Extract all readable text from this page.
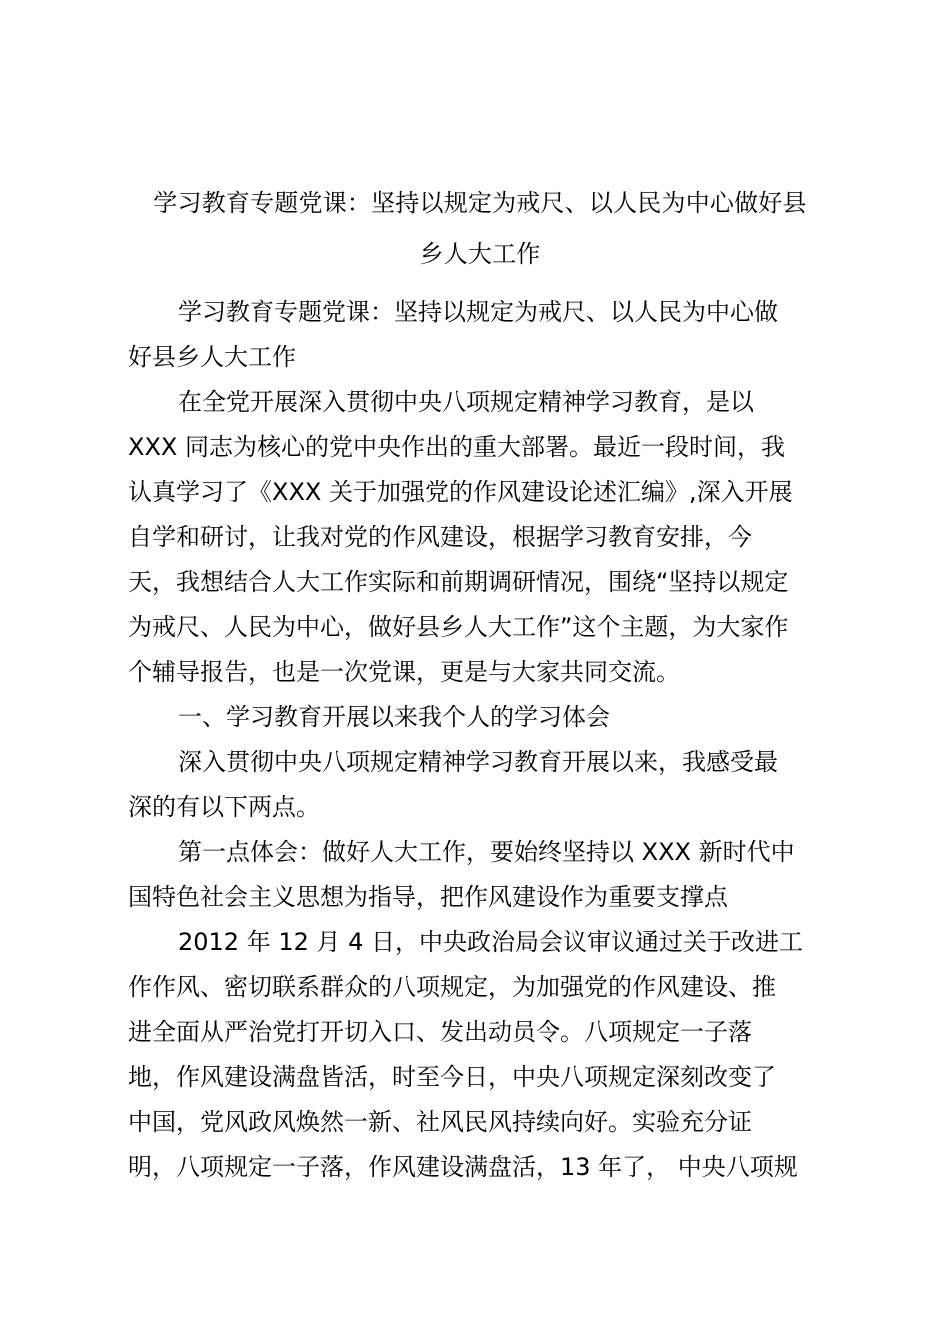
学习教育专题党课：坚持以规定为戒尺、以人民为中心做好县
乡人大工作
学习教育专题党课：坚持以规定为戒尺、以人民为中心做
好县乡人大工作
在全党开展深入贯彻中央八项规定精神学习教育，是以
XXX 同志为核心的党中央作出的重大部署。最近一段时间，我
认真学习了《XXX 关于加强党的作风建设论述汇编》,深入开展
自学和研讨，让我对党的作风建设，根据学习教育安排，今
天，我想结合人大工作实际和前期调研情况，围绕“坚持以规定
为戒尺、人民为中心，做好县乡人大工作”这个主题，为大家作
个辅导报告，也是一次党课，更是与大家共同交流。
一、学习教育开展以来我个人的学习体会
深入贯彻中央八项规定精神学习教育开展以来，我感受最
深的有以下两点。
第一点体会：做好人大工作，要始终坚持以 XXX 新时代中
国特色社会主义思想为指导，把作风建设作为重要支撑点
2012 年 12 月 4 日，中央政治局会议审议通过关于改进工
作作风、密切联系群众的八项规定，为加强党的作风建设、推
进全面从严治党打开切入口、发出动员令。八项规定一子落
地，作风建设满盘皆活，时至今日，中央八项规定深刻改变了
中国，党风政风焕然一新、社风民风持续向好。实验充分证
明，八项规定一子落，作风建设满盘活，13 年了， 中央八项规
